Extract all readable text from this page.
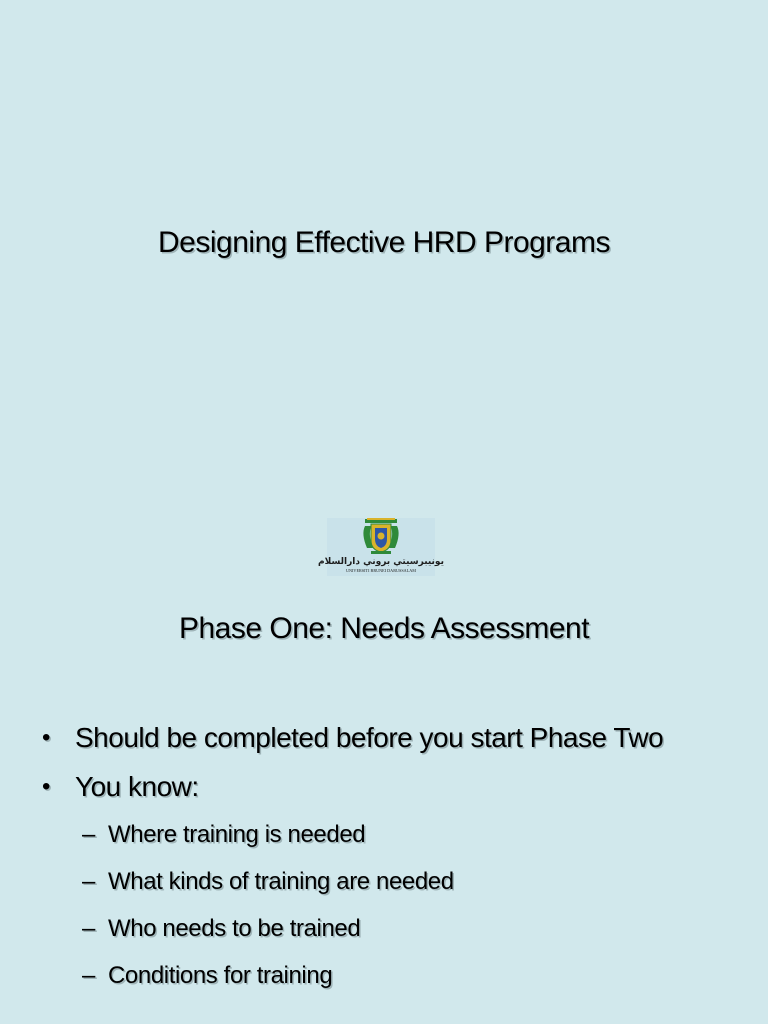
Designing Effective HRD Programs
يونيبرسيتي بروني دارالسلام
UNIVERSITI BRUNEI DARUSSALAM
Phase One: Needs Assessment
• Should be completed before you start Phase Two
• You know:
– Where training is needed
– What kinds of training are needed
– Who needs to be trained
– Conditions for training
